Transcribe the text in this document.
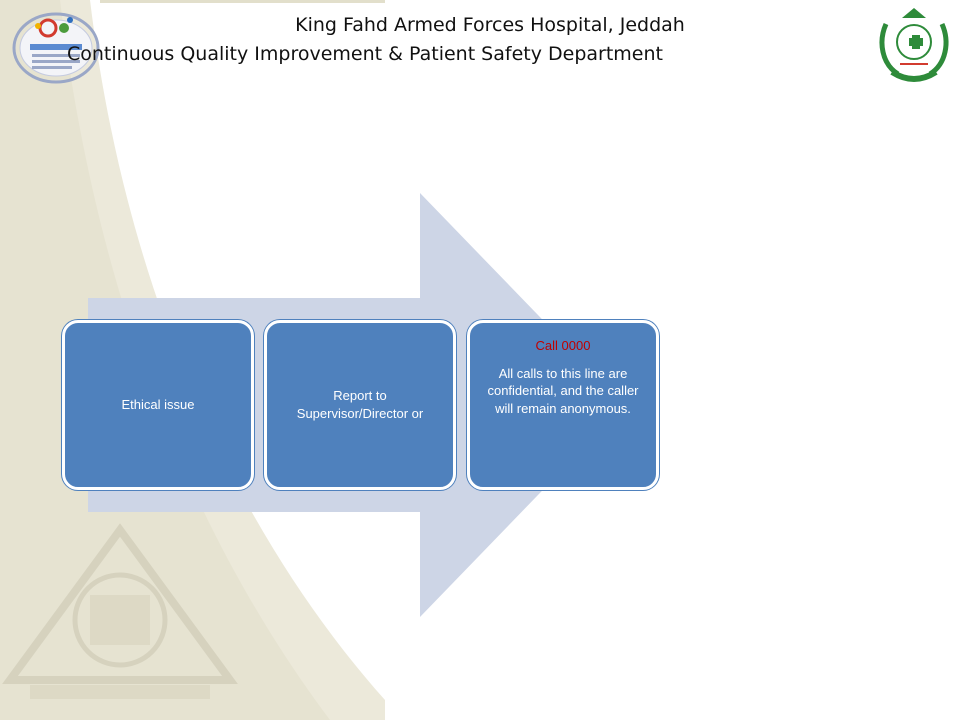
King Fahd Armed Forces Hospital, Jeddah
Continuous Quality Improvement & Patient Safety Department
Ethical issue
Report to Supervisor/Director or
Call 0000
All calls to this line are confidential, and the caller will remain anonymous.
